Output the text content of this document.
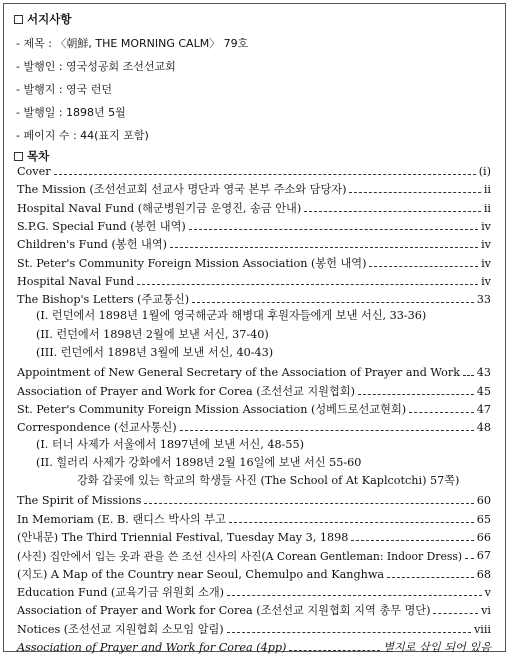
서지사항
- 제목 : 〈朝鮮, THE MORNING CALM〉 79호
- 발행인 : 영국성공회 조선선교회
- 발행지 : 영국 런던
- 발행일 : 1898년 5월
- 페이지 수 : 44(표지 포함)
목차
Cover	(i)
The Mission (조선선교회 선교사 명단과 영국 본부 주소와 담당자)	ii
Hospital Naval Fund (해군병원기금 운영진, 송금 안내)	ii
S.P.G. Special Fund (봉헌 내역)	iv
Children's Fund (봉헌 내역)	iv
St. Peter's Community Foreign Mission Association (봉헌 내역)	iv
Hospital Naval Fund	iv
The Bishop's Letters (주교통신)	33
(I. 런던에서 1898년 1월에 영국해군과 해병대 후원자들에게 보낸 서신, 33-36)
(II. 런던에서 1898년 2월에 보낸 서신, 37-40)
(III. 런던에서 1898년 3월에 보낸 서신, 40-43)
Appointment of New General Secretary of the Association of Prayer and Work 43
Association of Prayer and Work for Corea (조선선교 지원협회)	45
St. Peter's Community Foreign Mission Association (성베드로선교현회)	47
Correspondence (선교사통신)	48
(I. 터너 사제가 서울에서 1897년에 보낸 서신, 48-55)
(II. 힐러리 사제가 강화에서 1898년 2월 16일에 보낸 서신 55-60
강화 갑곶에 있는 학교의 학생들 사진 (The School of At Kaplcotchi) 57쪽)
The Spirit of Missions	60
In Memoriam (E. B. 랜디스 박사의 부고	65
(안내문) The Third Triennial Festival, Tuesday May 3, 1898	66
(사진) 집안에서 입는 옷과 관을 쓴 조선 신사의 사진(A Corean Gentleman: Indoor Dress) 67
(지도) A Map of the Country near Seoul, Chemulpo and Kanghwa	68
Education Fund (교육기금 위원회 소개)	v
Association of Prayer and Work for Corea (조선선교 지원협회 지역 총무 명단)	vi
Notices (조선선교 지원협회 소모임 알림)	viii
Association of Prayer and Work for Corea (4pp)	별지로 삽입 되어 있음
